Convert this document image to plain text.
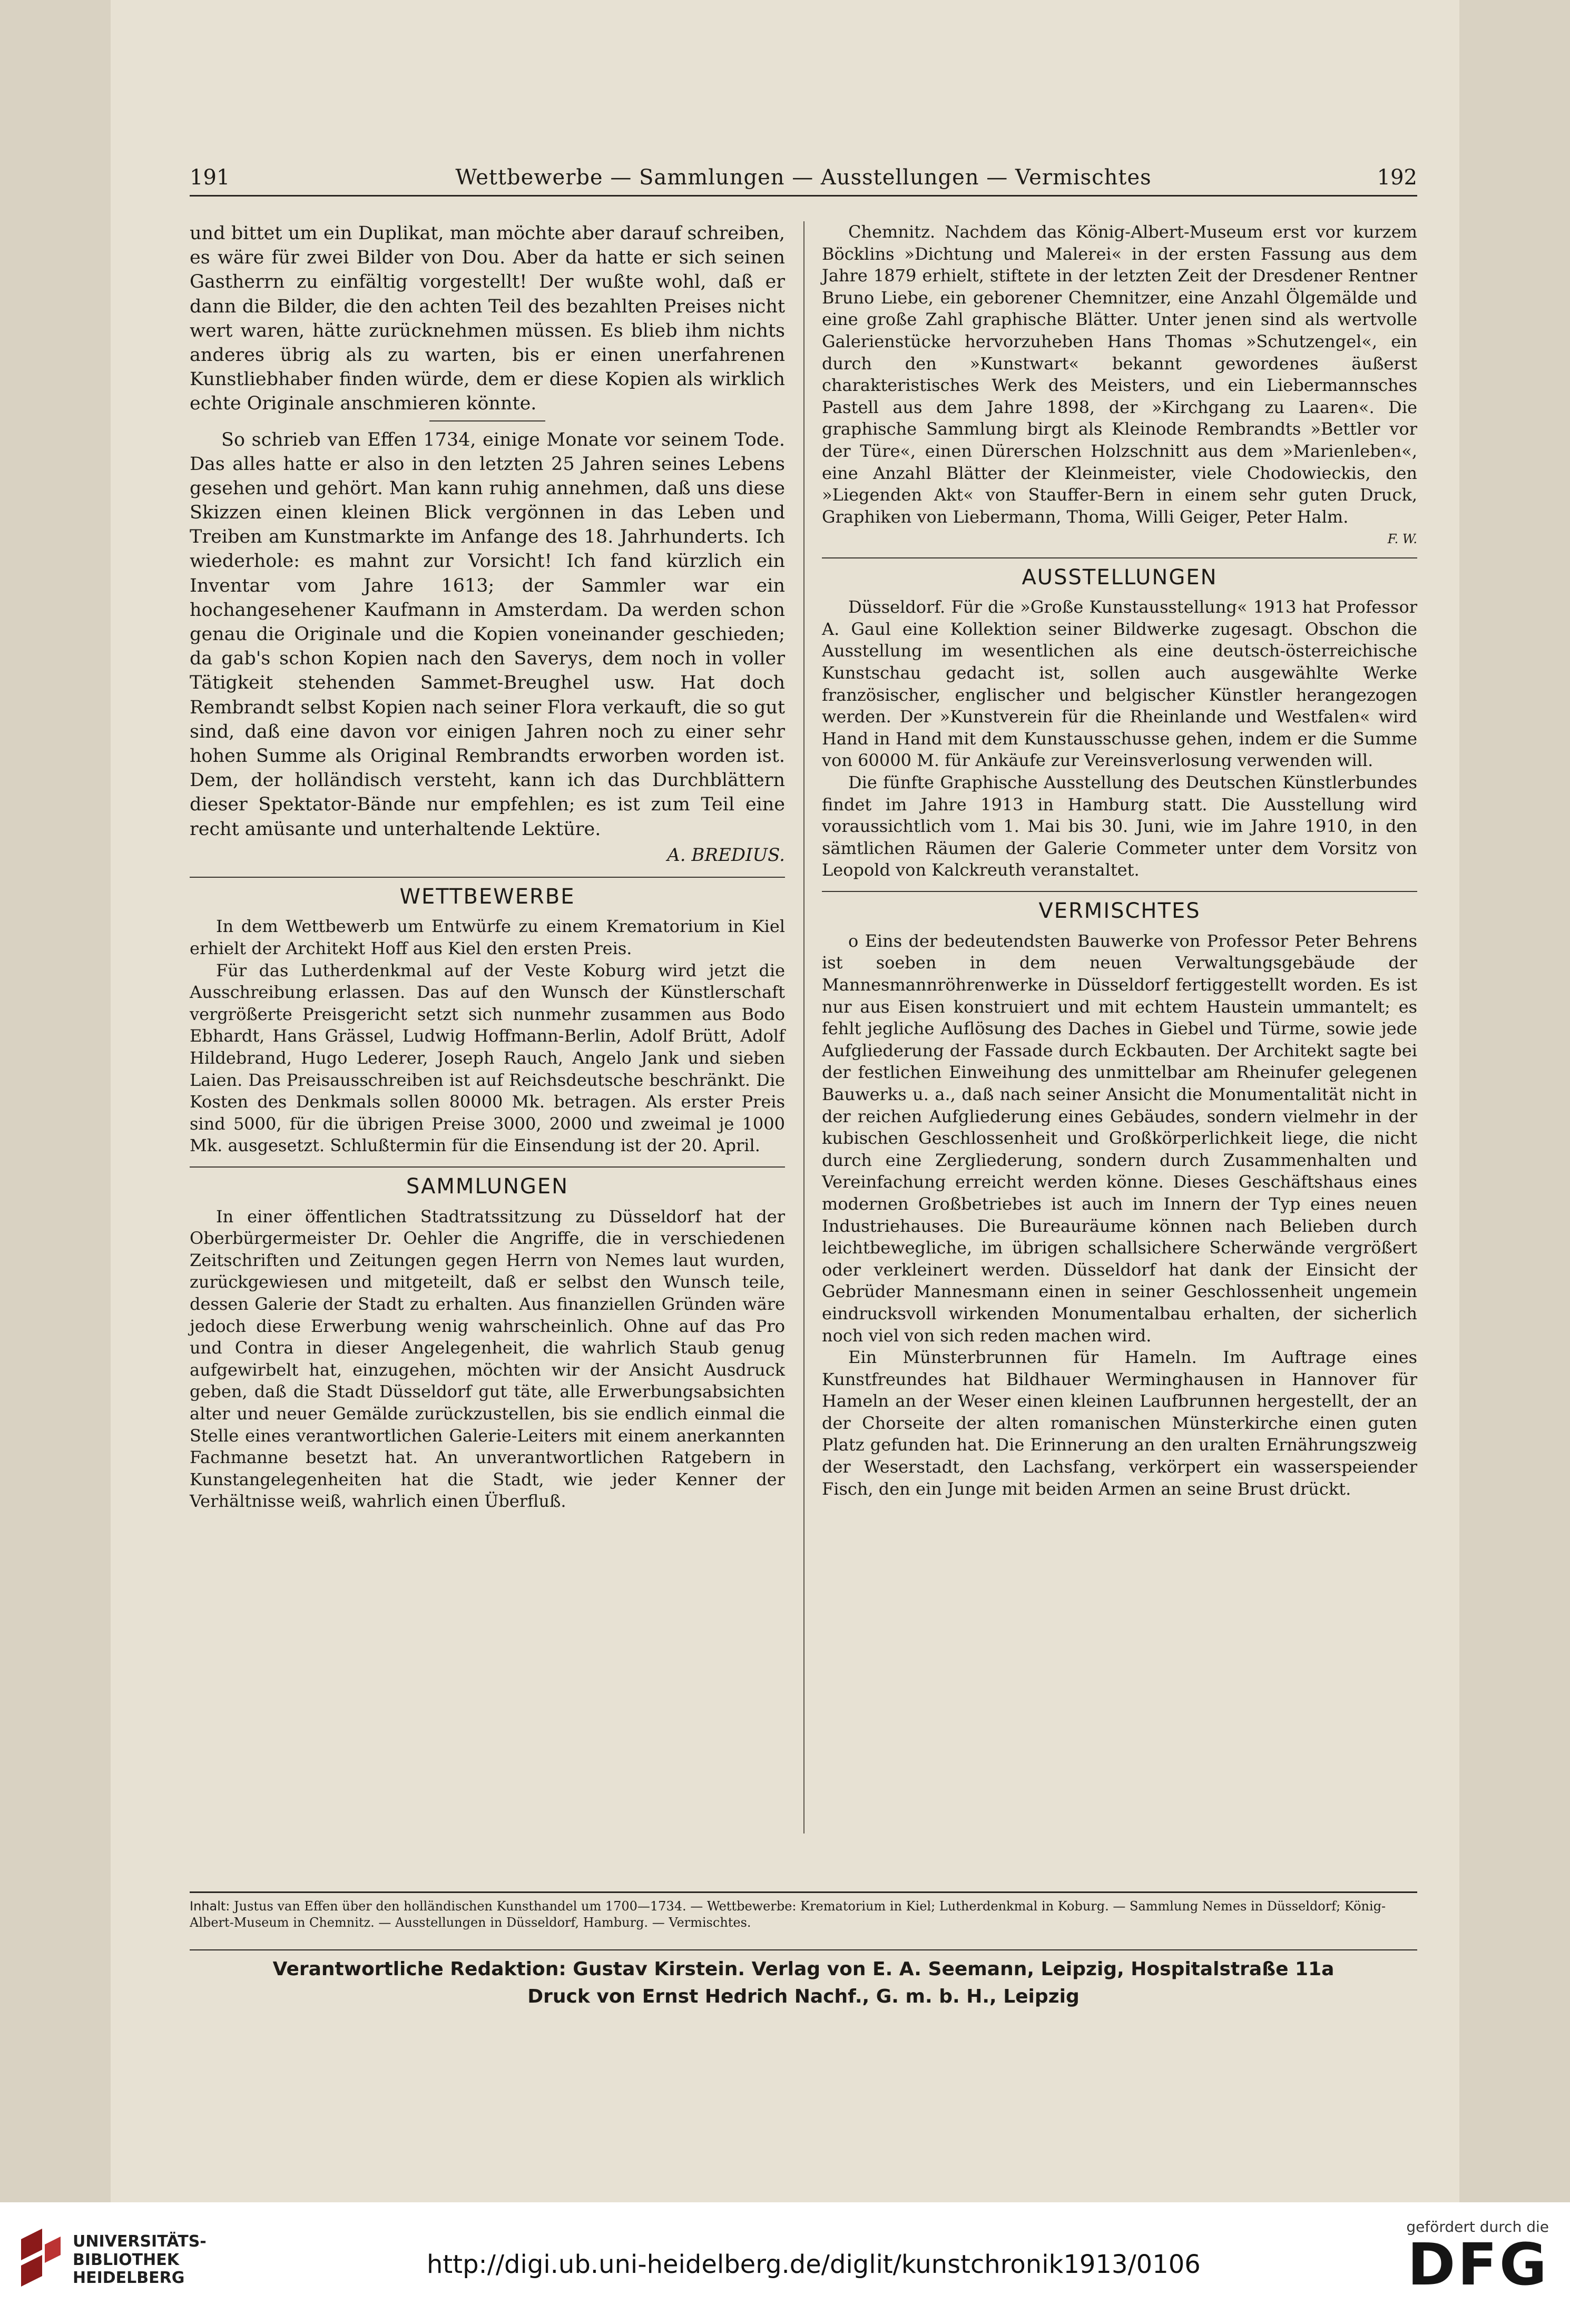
191	Wettbewerbe — Sammlungen — Ausstellungen — Vermischtes	192

und bittet um ein Duplikat, man möchte aber darauf schreiben, es wäre für zwei Bilder von Dou. Aber da hatte er sich seinen Gastherrn zu einfältig vorgestellt! Der wußte wohl, daß er dann die Bilder, die den achten Teil des bezahlten Preises nicht wert waren, hätte zurücknehmen müssen. Es blieb ihm nichts anderes übrig als zu warten, bis er einen unerfahrenen Kunstliebhaber finden würde, dem er diese Kopien als wirklich echte Originale anschmieren könnte.

So schrieb van Effen 1734, einige Monate vor seinem Tode. Das alles hatte er also in den letzten 25 Jahren seines Lebens gesehen und gehört. Man kann ruhig annehmen, daß uns diese Skizzen einen kleinen Blick vergönnen in das Leben und Treiben am Kunstmarkte im Anfange des 18. Jahrhunderts. Ich wiederhole: es mahnt zur Vorsicht! Ich fand kürzlich ein Inventar vom Jahre 1613; der Sammler war ein hochangesehener Kaufmann in Amsterdam. Da werden schon genau die Originale und die Kopien voneinander geschieden; da gab's schon Kopien nach den Saverys, dem noch in voller Tätigkeit stehenden Sammet-Breughel usw. Hat doch Rembrandt selbst Kopien nach seiner Flora verkauft, die so gut sind, daß eine davon vor einigen Jahren noch zu einer sehr hohen Summe als Original Rembrandts erworben worden ist. Dem, der holländisch versteht, kann ich das Durchblättern dieser Spektator-Bände nur empfehlen; es ist zum Teil eine recht amüsante und unterhaltende Lektüre.

A. BREDIUS.
WETTBEWERBE

In dem Wettbewerb um Entwürfe zu einem Krematorium in Kiel erhielt der Architekt Hoff aus Kiel den ersten Preis.

Für das Lutherdenkmal auf der Veste Koburg wird jetzt die Ausschreibung erlassen. Das auf den Wunsch der Künstlerschaft vergrößerte Preisgericht setzt sich nunmehr zusammen aus Bodo Ebhardt, Hans Grässel, Ludwig Hoffmann-Berlin, Adolf Brütt, Adolf Hildebrand, Hugo Lederer, Joseph Rauch, Angelo Jank und sieben Laien. Das Preisausschreiben ist auf Reichsdeutsche beschränkt. Die Kosten des Denkmals sollen 80000 Mk. betragen. Als erster Preis sind 5000, für die übrigen Preise 3000, 2000 und zweimal je 1000 Mk. ausgesetzt. Schlußtermin für die Einsendung ist der 20. April.

SAMMLUNGEN

In einer öffentlichen Stadtratssitzung zu Düsseldorf hat der Oberbürgermeister Dr. Oehler die Angriffe, die in verschiedenen Zeitschriften und Zeitungen gegen Herrn von Nemes laut wurden, zurückgewiesen und mitgeteilt, daß er selbst den Wunsch teile, dessen Galerie der Stadt zu erhalten. Aus finanziellen Gründen wäre jedoch diese Erwerbung wenig wahrscheinlich. Ohne auf das Pro und Contra in dieser Angelegenheit, die wahrlich Staub genug aufgewirbelt hat, einzugehen, möchten wir der Ansicht Ausdruck geben, daß die Stadt Düsseldorf gut täte, alle Erwerbungsabsichten alter und neuer Gemälde zurückzustellen, bis sie endlich einmal die Stelle eines verantwortlichen Galerie-Leiters mit einem anerkannten Fachmanne besetzt hat. An unverantwortlichen Ratgebern in Kunstangelegenheiten hat die Stadt, wie jeder Kenner der Verhältnisse weiß, wahrlich einen Überfluß.

Chemnitz. Nachdem das König-Albert-Museum erst vor kurzem Böcklins »Dichtung und Malerei« in der ersten Fassung aus dem Jahre 1879 erhielt, stiftete in der letzten Zeit der Dresdener Rentner Bruno Liebe, ein geborener Chemnitzer, eine Anzahl Ölgemälde und eine große Zahl graphische Blätter. Unter jenen sind als wertvolle Galerienstücke hervorzuheben Hans Thomas »Schutzengel«, ein durch den »Kunstwart« bekannt gewordenes äußerst charakteristisches Werk des Meisters, und ein Liebermannsches Pastell aus dem Jahre 1898, der »Kirchgang zu Laaren«. Die graphische Sammlung birgt als Kleinode Rembrandts »Bettler vor der Türe«, einen Dürerschen Holzschnitt aus dem »Marienleben«, eine Anzahl Blätter der Kleinmeister, viele Chodowieckis, den »Liegenden Akt« von Stauffer-Bern in einem sehr guten Druck, Graphiken von Liebermann, Thoma, Willi Geiger, Peter Halm.

F. W.
AUSSTELLUNGEN

Düsseldorf. Für die »Große Kunstausstellung« 1913 hat Professor A. Gaul eine Kollektion seiner Bildwerke zugesagt. Obschon die Ausstellung im wesentlichen als eine deutsch-österreichische Kunstschau gedacht ist, sollen auch ausgewählte Werke französischer, englischer und belgischer Künstler herangezogen werden. Der »Kunstverein für die Rheinlande und Westfalen« wird Hand in Hand mit dem Kunstausschusse gehen, indem er die Summe von 60000 M. für Ankäufe zur Vereinsverlosung verwenden will.

Die fünfte Graphische Ausstellung des Deutschen Künstlerbundes findet im Jahre 1913 in Hamburg statt. Die Ausstellung wird voraussichtlich vom 1. Mai bis 30. Juni, wie im Jahre 1910, in den sämtlichen Räumen der Galerie Commeter unter dem Vorsitz von Leopold von Kalckreuth veranstaltet.

VERMISCHTES

o Eins der bedeutendsten Bauwerke von Professor Peter Behrens ist soeben in dem neuen Verwaltungsgebäude der Mannesmannröhrenwerke in Düsseldorf fertiggestellt worden. Es ist nur aus Eisen konstruiert und mit echtem Haustein ummantelt; es fehlt jegliche Auflösung des Daches in Giebel und Türme, sowie jede Aufgliederung der Fassade durch Eckbauten. Der Architekt sagte bei der festlichen Einweihung des unmittelbar am Rheinufer gelegenen Bauwerks u. a., daß nach seiner Ansicht die Monumentalität nicht in der reichen Aufgliederung eines Gebäudes, sondern vielmehr in der kubischen Geschlossenheit und Großkörperlichkeit liege, die nicht durch eine Zergliederung, sondern durch Zusammenhalten und Vereinfachung erreicht werden könne. Dieses Geschäftshaus eines modernen Großbetriebes ist auch im Innern der Typ eines neuen Industriehauses. Die Bureauräume können nach Belieben durch leichtbewegliche, im übrigen schallsichere Scherwände vergrößert oder verkleinert werden. Düsseldorf hat dank der Einsicht der Gebrüder Mannesmann einen in seiner Geschlossenheit ungemein eindrucksvoll wirkenden Monumentalbau erhalten, der sicherlich noch viel von sich reden machen wird.

Ein Münsterbrunnen für Hameln. Im Auftrage eines Kunstfreundes hat Bildhauer Werminghausen in Hannover für Hameln an der Weser einen kleinen Laufbrunnen hergestellt, der an der Chorseite der alten romanischen Münsterkirche einen guten Platz gefunden hat. Die Erinnerung an den uralten Ernährungszweig der Weserstadt, den Lachsfang, verkörpert ein wasserspeiender Fisch, den ein Junge mit beiden Armen an seine Brust drückt.

Inhalt: Justus van Effen über den holländischen Kunsthandel um 1700—1734. — Wettbewerbe: Krematorium in Kiel; Lutherdenkmal in Koburg. — Sammlung Nemes in Düsseldorf; König-Albert-Museum in Chemnitz. — Ausstellungen in Düsseldorf, Hamburg. — Vermischtes.
Verantwortliche Redaktion: Gustav Kirstein. Verlag von E. A. Seemann, Leipzig, Hospitalstraße 11a
Druck von Ernst Hedrich Nachf., G. m. b. H., Leipzig
UNIVERSITÄTS-
BIBLIOTHEK
HEIDELBERG	http://digi.ub.uni-heidelberg.de/diglit/kunstchronik1913/0106
gefördert durch die
DFG
